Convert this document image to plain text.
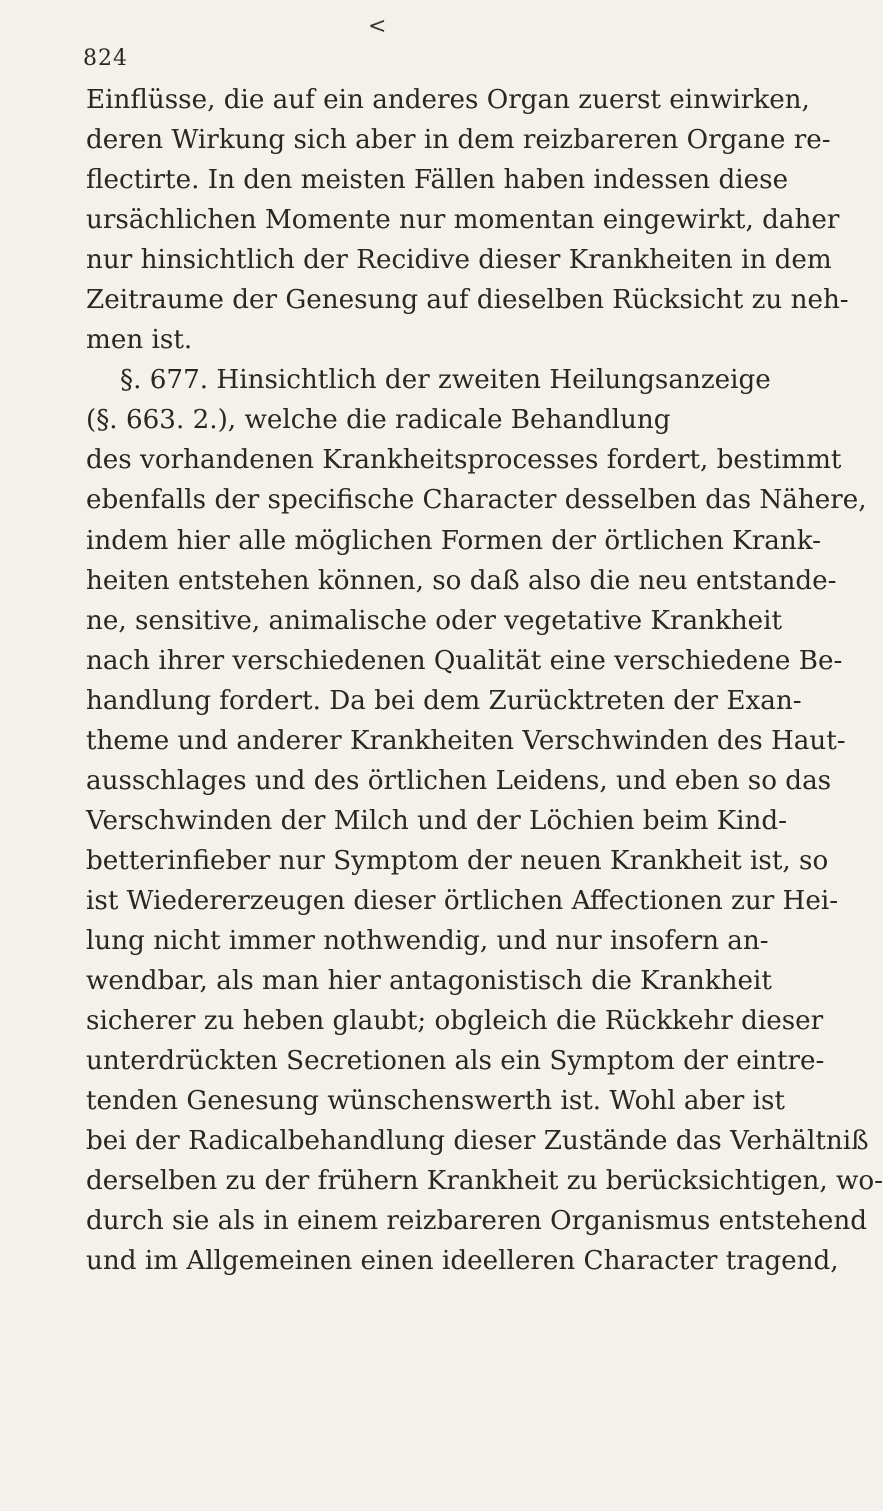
<
824
Einflüsse, die auf ein anderes Organ zuerst einwirken,
deren Wirkung sich aber in dem reizbareren Organe re-
flectirte. In den meisten Fällen haben indessen diese
ursächlichen Momente nur momentan eingewirkt, daher
nur hinsichtlich der Recidive dieser Krankheiten in dem
Zeitraume der Genesung auf dieselben Rücksicht zu neh-
men ist.
§. 677. Hinsichtlich der zweiten Heilungsanzeige
(§. 663. 2.), welche die radicale Behandlung
des vorhandenen Krankheitsprocesses fordert, bestimmt
ebenfalls der specifische Character desselben das Nähere,
indem hier alle möglichen Formen der örtlichen Krank-
heiten entstehen können, so daß also die neu entstande-
ne, sensitive, animalische oder vegetative Krankheit
nach ihrer verschiedenen Qualität eine verschiedene Be-
handlung fordert. Da bei dem Zurücktreten der Exan-
theme und anderer Krankheiten Verschwinden des Haut-
ausschlages und des örtlichen Leidens, und eben so das
Verschwinden der Milch und der Löchien beim Kind-
betterinfieber nur Symptom der neuen Krankheit ist, so
ist Wiedererzeugen dieser örtlichen Affectionen zur Hei-
lung nicht immer nothwendig, und nur insofern an-
wendbar, als man hier antagonistisch die Krankheit
sicherer zu heben glaubt; obgleich die Rückkehr dieser
unterdrückten Secretionen als ein Symptom der eintre-
tenden Genesung wünschenswerth ist. Wohl aber ist
bei der Radicalbehandlung dieser Zustände das Verhältniß
derselben zu der frühern Krankheit zu berücksichtigen, wo-
durch sie als in einem reizbareren Organismus entstehend
und im Allgemeinen einen ideelleren Character tragend,
